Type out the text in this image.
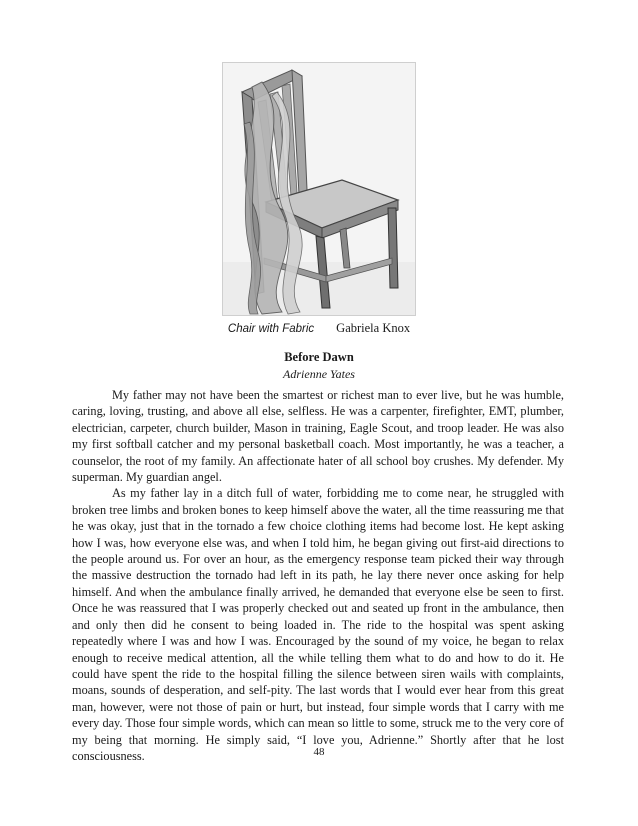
Chair with Fabric Gabriela Knox
Before Dawn
Adrienne Yates

My father may not have been the smartest or richest man to ever live, but he was humble, caring, loving, trusting, and above all else, selfless. He was a carpenter, firefighter, EMT, plumber, electrician, carpeter, church builder, Mason in training, Eagle Scout, and troop leader. He was also my first softball catcher and my personal basketball coach. Most importantly, he was a teacher, a counselor, the root of my family. An affectionate hater of all school boy crushes. My defender. My superman. My guardian angel.

As my father lay in a ditch full of water, forbidding me to come near, he struggled with broken tree limbs and broken bones to keep himself above the water, all the time reassuring me that he was okay, just that in the tornado a few choice clothing items had become lost. He kept asking how I was, how everyone else was, and when I told him, he began giving out first-aid directions to the people around us. For over an hour, as the emergency response team picked their way through the massive destruction the tornado had left in its path, he lay there never once asking for help himself. And when the ambulance finally arrived, he demanded that everyone else be seen to first. Once he was reassured that I was properly checked out and seated up front in the ambulance, then and only then did he consent to being loaded in. The ride to the hospital was spent asking repeatedly where I was and how I was. Encouraged by the sound of my voice, he began to relax enough to receive medical attention, all the while telling them what to do and how to do it. He could have spent the ride to the hospital filling the silence between siren wails with complaints, moans, sounds of desperation, and self-pity. The last words that I would ever hear from this great man, however, were not those of pain or hurt, but instead, four simple words that I carry with me every day. Those four simple words, which can mean so little to some, struck me to the very core of my being that morning. He simply said, “I love you, Adrienne.” Shortly after that he lost consciousness.	48
